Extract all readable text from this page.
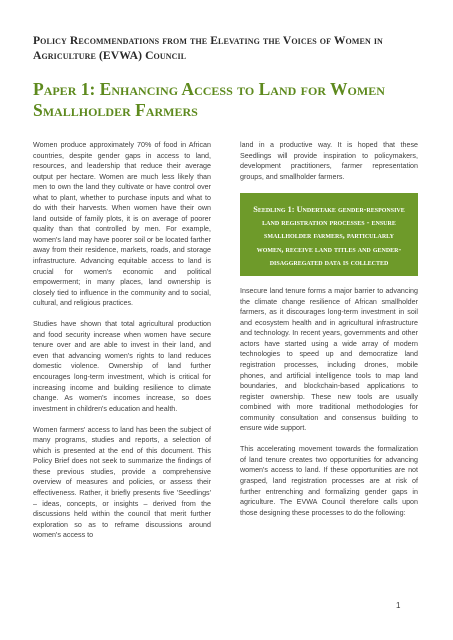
Policy Recommendations from the Elevating the Voices of Women in Agriculture (EVWA) Council
Paper 1: Enhancing Access to Land for Women Smallholder Farmers

Women produce approximately 70% of food in African countries, despite gender gaps in access to land, resources, and leadership that reduce their average output per hectare. Women are much less likely than men to own the land they cultivate or have control over what to plant, whether to purchase inputs and what to do with their harvests. When women have their own land outside of family plots, it is on average of poorer quality than that controlled by men. For example, women's land may have poorer soil or be located farther away from their residence, markets, roads, and storage infrastructure. Advancing equitable access to land is crucial for women's economic and political empowerment; in many places, land ownership is closely tied to influence in the community and to social, cultural, and religious practices.

Studies have shown that total agricultural production and food security increase when women have secure tenure over and are able to invest in their land, and even that advancing women's rights to land reduces domestic violence. Ownership of land further encourages long-term investment, which is critical for increasing income and building resilience to climate change. As women's incomes increase, so does investment in children's education and health.

Women farmers' access to land has been the subject of many programs, studies and reports, a selection of which is presented at the end of this document. This Policy Brief does not seek to summarize the findings of these previous studies, provide a comprehensive overview of measures and policies, or assess their effectiveness. Rather, it briefly presents five 'Seedlings' – ideas, concepts, or insights – derived from the discussions held within the council that merit further exploration so as to reframe discussions around women's access to

land in a productive way. It is hoped that these Seedlings will provide inspiration to policymakers, development practitioners, farmer representation groups, and smallholder farmers.

Seedling 1: Undertake gender-responsive land registration processes - ensure smallholder farmers, particularly women, receive land titles and gender-disaggregated data is collected

Insecure land tenure forms a major barrier to advancing the climate change resilience of African smallholder farmers, as it discourages long-term investment in soil and ecosystem health and in agricultural infrastructure and technology. In recent years, governments and other actors have started using a wide array of modern technologies to speed up and democratize land registration processes, including drones, mobile phones, and artificial intelligence tools to map land boundaries, and blockchain-based applications to register ownership. These new tools are usually combined with more traditional methodologies for community consultation and consensus building to ensure wide support.

This accelerating movement towards the formalization of land tenure creates two opportunities for advancing women's access to land. If these opportunities are not grasped, land registration processes are at risk of further entrenching and formalizing gender gaps in agriculture. The EVWA Council therefore calls upon those designing these processes to do the following:

1
